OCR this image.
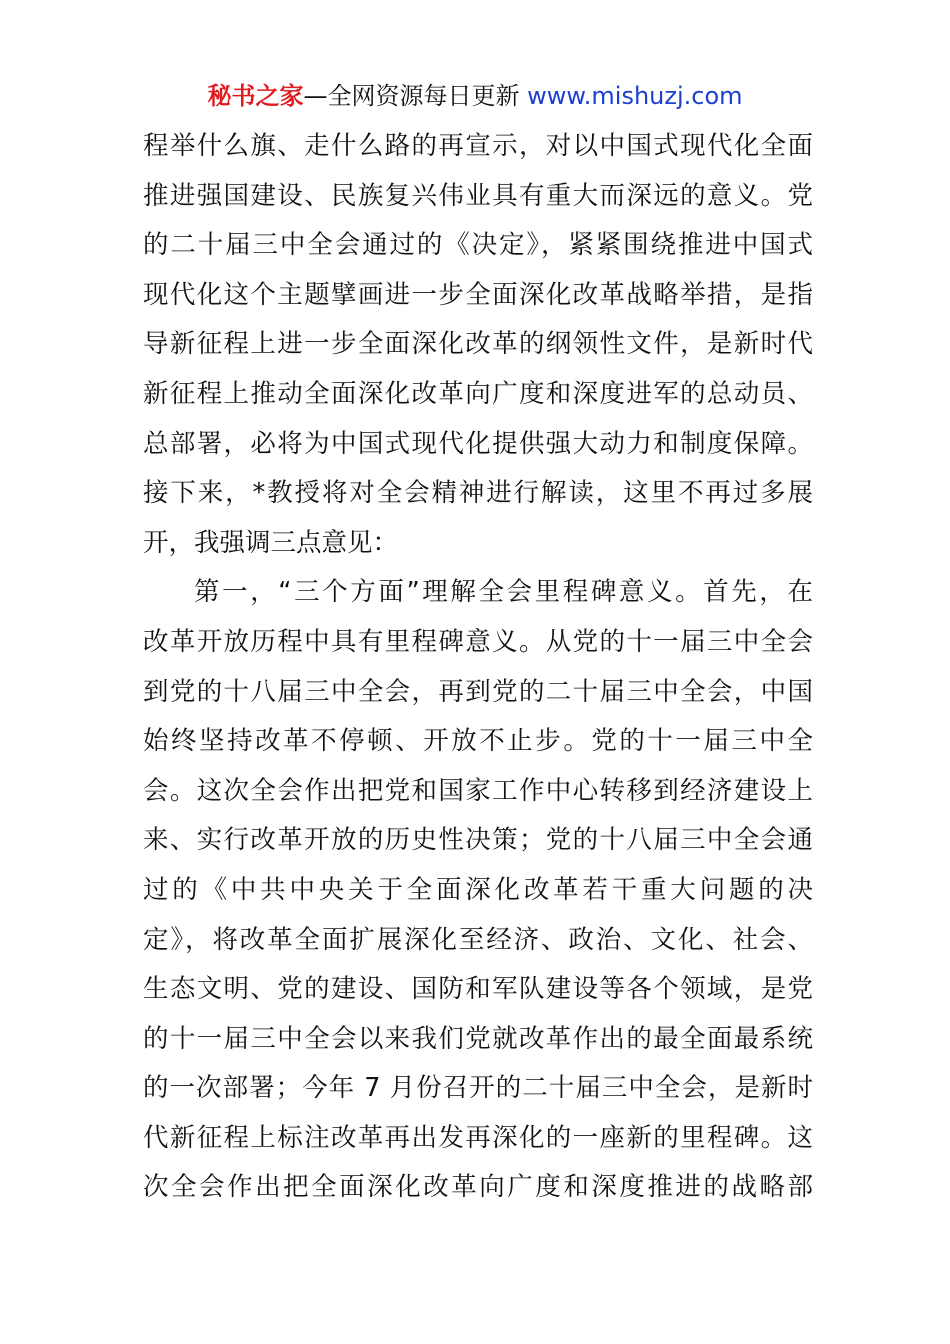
秘书之家—全网资源每日更新 www.mishuzj.com
程举什么旗、走什么路的再宣示，对以中国式现代化全面
推进强国建设、民族复兴伟业具有重大而深远的意义。党
的二十届三中全会通过的《决定》，紧紧围绕推进中国式
现代化这个主题擘画进一步全面深化改革战略举措，是指
导新征程上进一步全面深化改革的纲领性文件，是新时代
新征程上推动全面深化改革向广度和深度进军的总动员、
总部署，必将为中国式现代化提供强大动力和制度保障。
接下来，*教授将对全会精神进行解读，这里不再过多展
开，我强调三点意见：
第一，“三个方面”理解全会里程碑意义。首先，在
改革开放历程中具有里程碑意义。从党的十一届三中全会
到党的十八届三中全会，再到党的二十届三中全会，中国
始终坚持改革不停顿、开放不止步。党的十一届三中全
会。这次全会作出把党和国家工作中心转移到经济建设上
来、实行改革开放的历史性决策；党的十八届三中全会通
过的《中共中央关于全面深化改革若干重大问题的决
定》，将改革全面扩展深化至经济、政治、文化、社会、
生态文明、党的建设、国防和军队建设等各个领域，是党
的十一届三中全会以来我们党就改革作出的最全面最系统
的一次部署；今年 7 月份召开的二十届三中全会，是新时
代新征程上标注改革再出发再深化的一座新的里程碑。这
次全会作出把全面深化改革向广度和深度推进的战略部
